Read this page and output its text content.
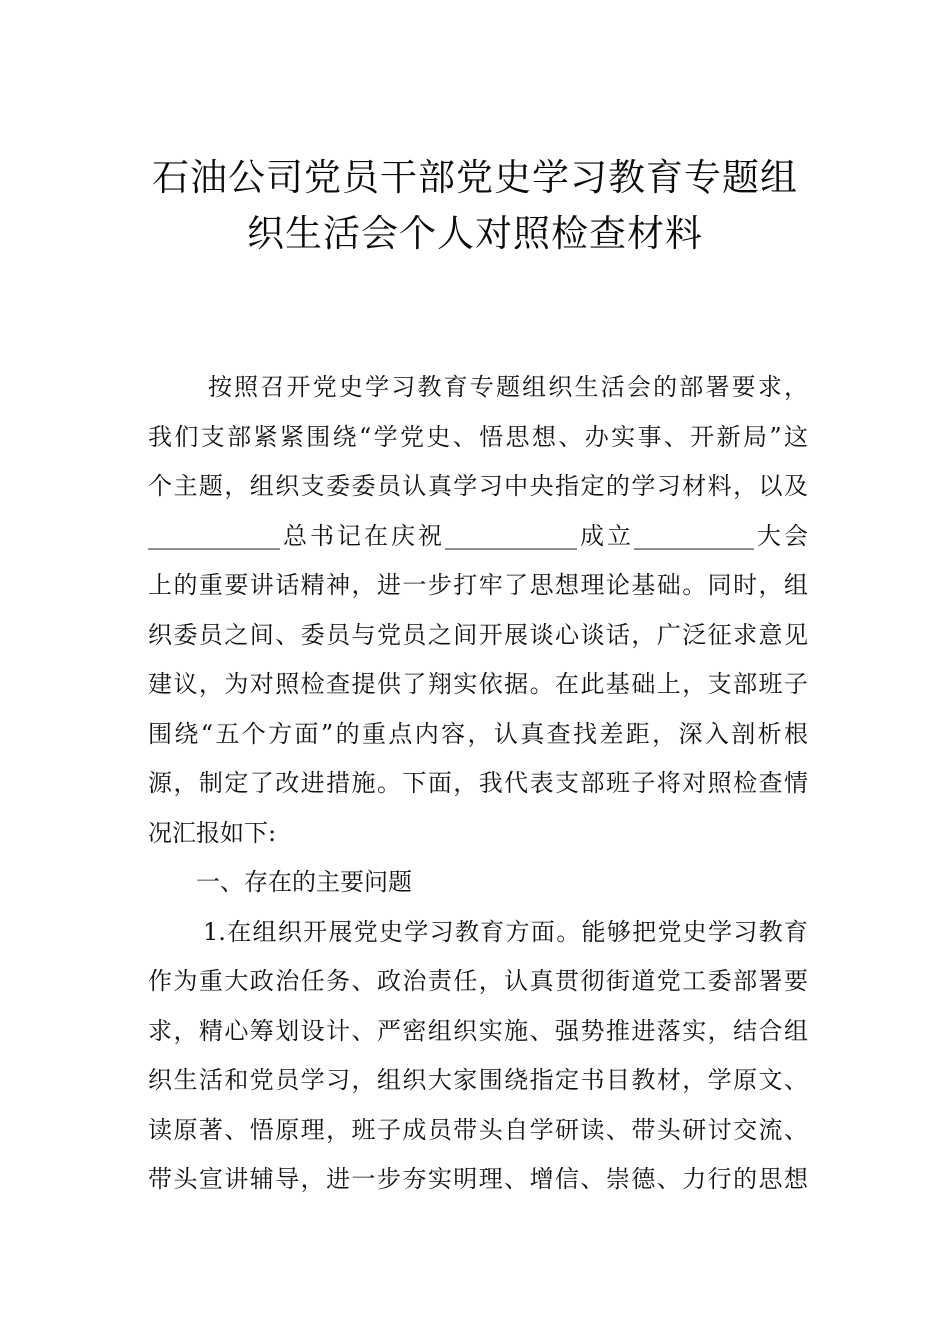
石油公司党员干部党史学习教育专题组
织生活会个人对照检查材料
按照召开党史学习教育专题组织生活会的部署要求，
我们支部紧紧围绕“学党史、悟思想、办实事、开新局”这
个主题，组织支委委员认真学习中央指定的学习材料，以及
___________总书记在庆祝___________成立__________大会
上的重要讲话精神，进一步打牢了思想理论基础。同时，组
织委员之间、委员与党员之间开展谈心谈话，广泛征求意见
建议，为对照检查提供了翔实依据。在此基础上，支部班子
围绕“五个方面”的重点内容，认真查找差距，深入剖析根
源，制定了改进措施。下面，我代表支部班子将对照检查情
况汇报如下:
一、存在的主要问题
1.在组织开展党史学习教育方面。能够把党史学习教育
作为重大政治任务、政治责任，认真贯彻街道党工委部署要
求，精心筹划设计、严密组织实施、强势推进落实，结合组
织生活和党员学习，组织大家围绕指定书目教材，学原文、
读原著、悟原理，班子成员带头自学研读、带头研讨交流、
带头宣讲辅导，进一步夯实明理、增信、崇德、力行的思想
